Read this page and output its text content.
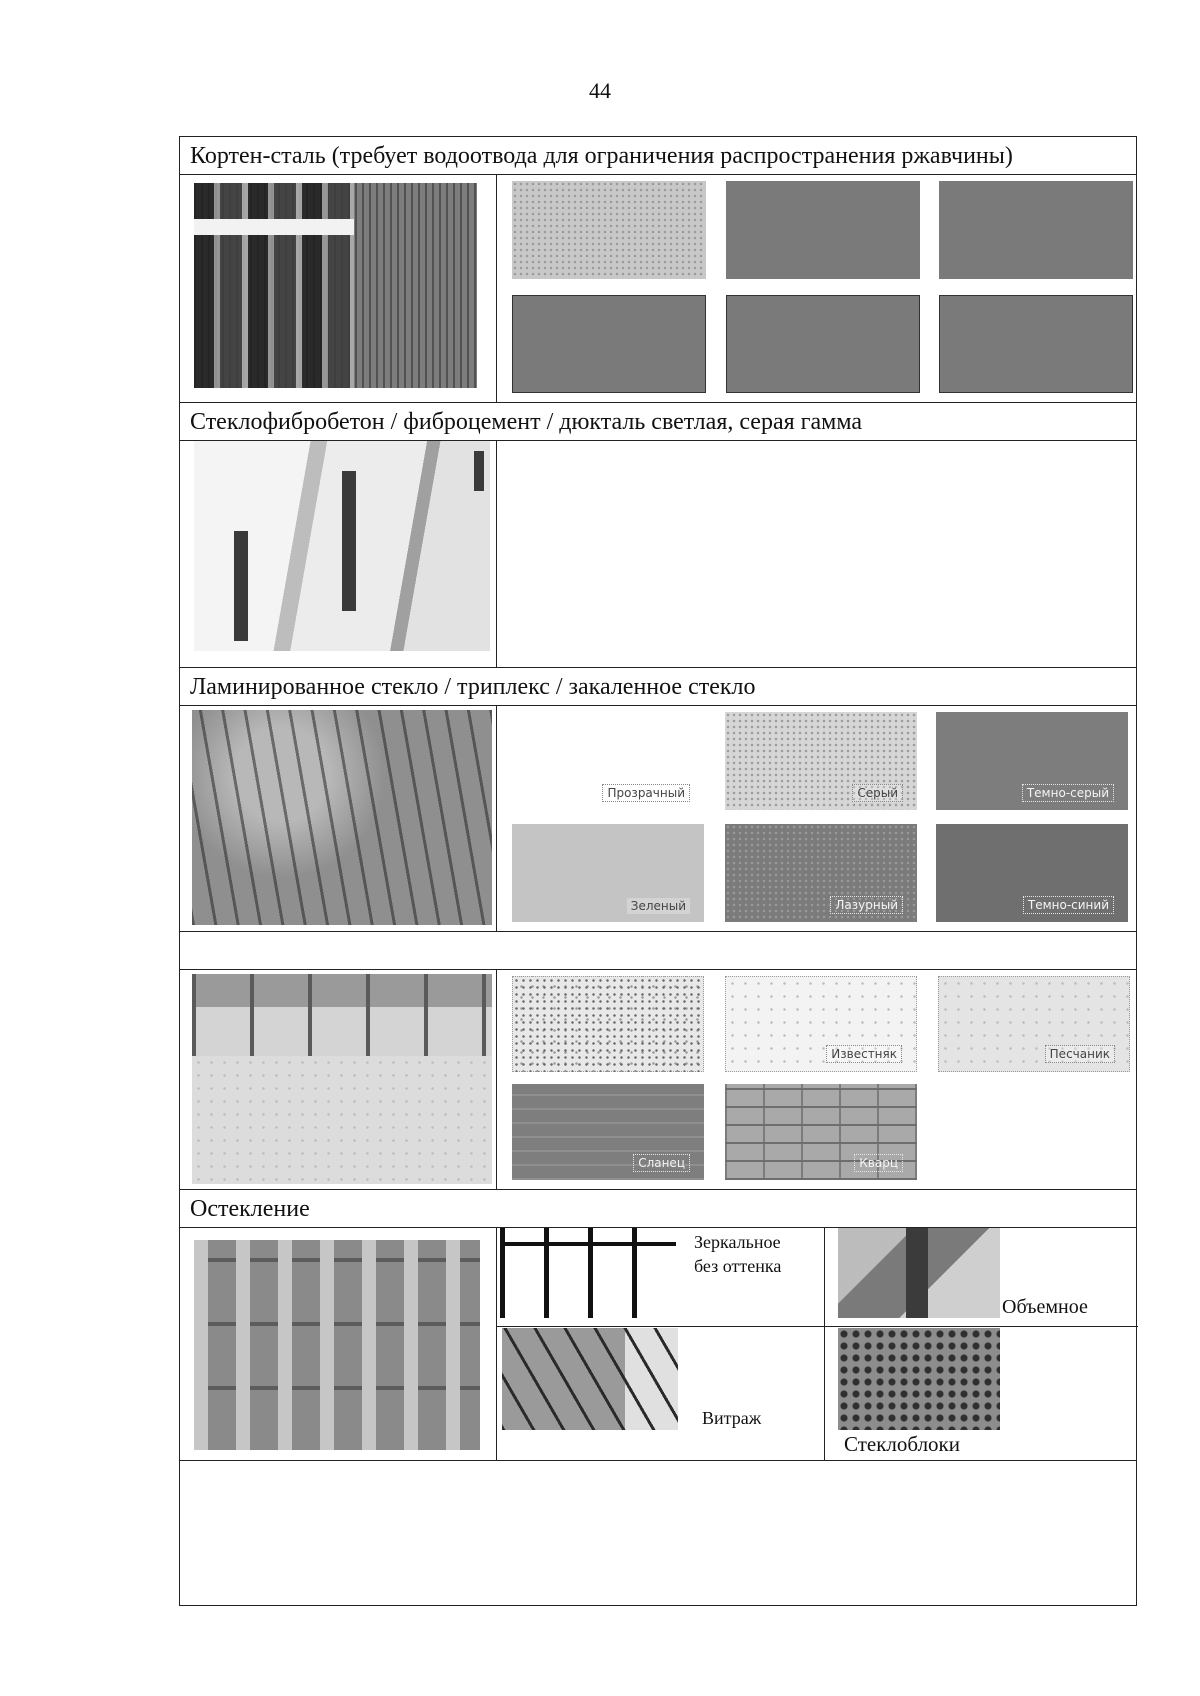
44
Кортен-сталь (требует водоотвода для ограничения распространения ржавчины)
Стеклофибробетон / фиброцемент / дюкталь светлая, серая гамма
Ламинированное стекло / триплекс / закаленное стекло
Прозрачный	Серый	Темно-серый
Зеленый	Лазурный	Темно-синий
Известняк	Песчаник
Сланец	Кварц
Остекление
Зеркальное
без оттенка
Объемное
Витраж
Стеклоблоки
